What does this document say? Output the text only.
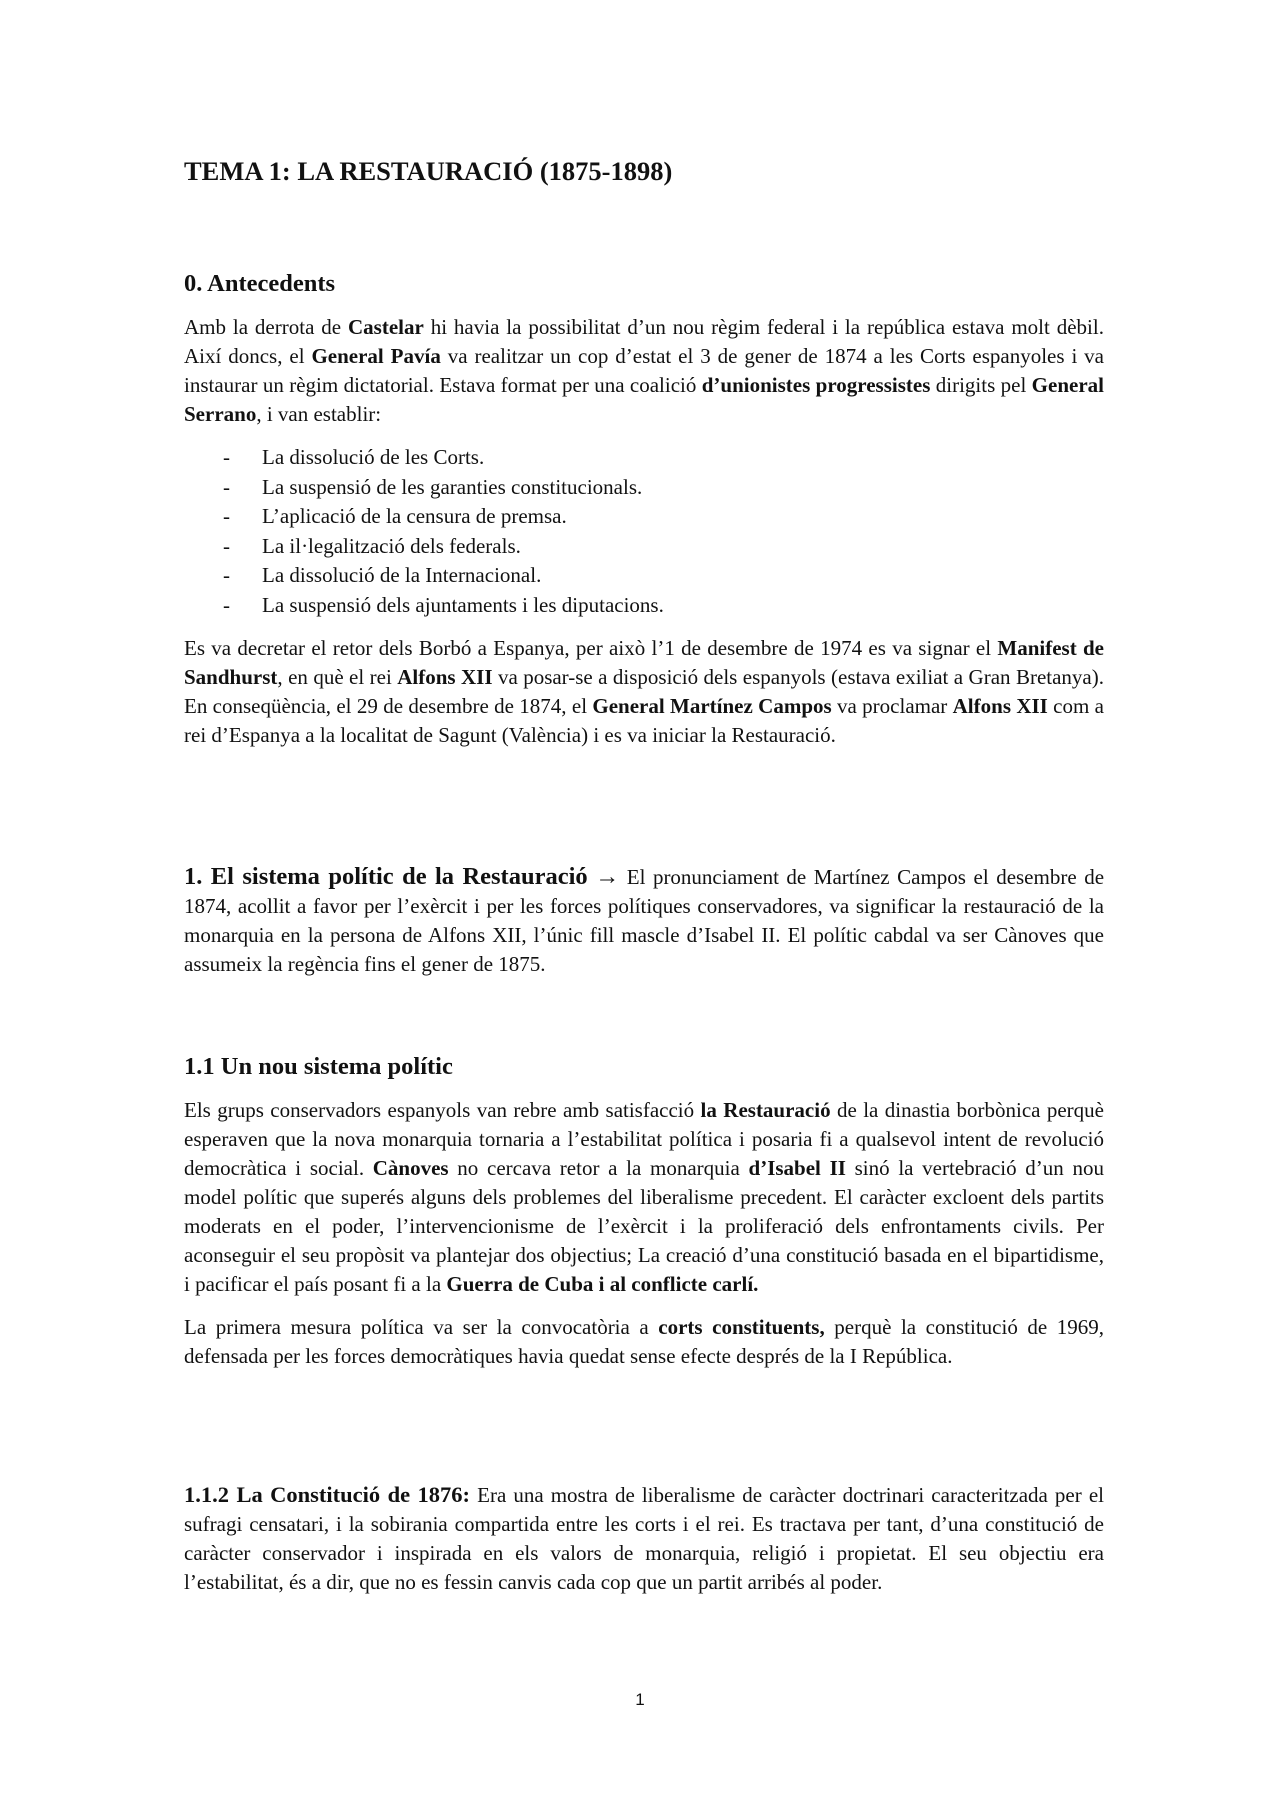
TEMA 1: LA RESTAURACIÓ (1875-1898)
0. Antecedents

Amb la derrota de Castelar hi havia la possibilitat d’un nou règim federal i la república estava molt dèbil. Així doncs, el General Pavía va realitzar un cop d’estat el 3 de gener de 1874 a les Corts espanyoles i va instaurar un règim dictatorial. Estava format per una coalició d’unionistes progressistes dirigits pel General Serrano, i van establir:

-	La dissolució de les Corts.
-	La suspensió de les garanties constitucionals.
-	L’aplicació de la censura de premsa.
-	La il·legalització dels federals.
-	La dissolució de la Internacional.
-	La suspensió dels ajuntaments i les diputacions.

Es va decretar el retor dels Borbó a Espanya, per això l’1 de desembre de 1974 es va signar el Manifest de Sandhurst, en què el rei Alfons XII va posar-se a disposició dels espanyols (estava exiliat a Gran Bretanya). En conseqüència, el 29 de desembre de 1874, el General Martínez Campos va proclamar Alfons XII com a rei d’Espanya a la localitat de Sagunt (València) i es va iniciar la Restauració.

1. El sistema polític de la Restauració → El pronunciament de Martínez Campos el desembre de 1874, acollit a favor per l’exèrcit i per les forces polítiques conservadores, va significar la restauració de la monarquia en la persona de Alfons XII, l’únic fill mascle d’Isabel II. El polític cabdal va ser Cànoves que assumeix la regència fins el gener de 1875.

1.1 Un nou sistema polític

Els grups conservadors espanyols van rebre amb satisfacció la Restauració de la dinastia borbònica perquè esperaven que la nova monarquia tornaria a l’estabilitat política i posaria fi a qualsevol intent de revolució democràtica i social. Cànoves no cercava retor a la monarquia d’Isabel II sinó la vertebració d’un nou model polític que superés alguns dels problemes del liberalisme precedent. El caràcter excloent dels partits moderats en el poder, l’intervencionisme de l’exèrcit i la proliferació dels enfrontaments civils. Per aconseguir el seu propòsit va plantejar dos objectius; La creació d’una constitució basada en el bipartidisme, i pacificar el país posant fi a la Guerra de Cuba i al conflicte carlí.

La primera mesura política va ser la convocatòria a corts constituents, perquè la constitució de 1969, defensada per les forces democràtiques havia quedat sense efecte després de la I República.

1.1.2 La Constitució de 1876: Era una mostra de liberalisme de caràcter doctrinari caracteritzada per el sufragi censatari, i la sobirania compartida entre les corts i el rei. Es tractava per tant, d’una constitució de caràcter conservador i inspirada en els valors de monarquia, religió i propietat. El seu objectiu era l’estabilitat, és a dir, que no es fessin canvis cada cop que un partit arribés al poder.

1
